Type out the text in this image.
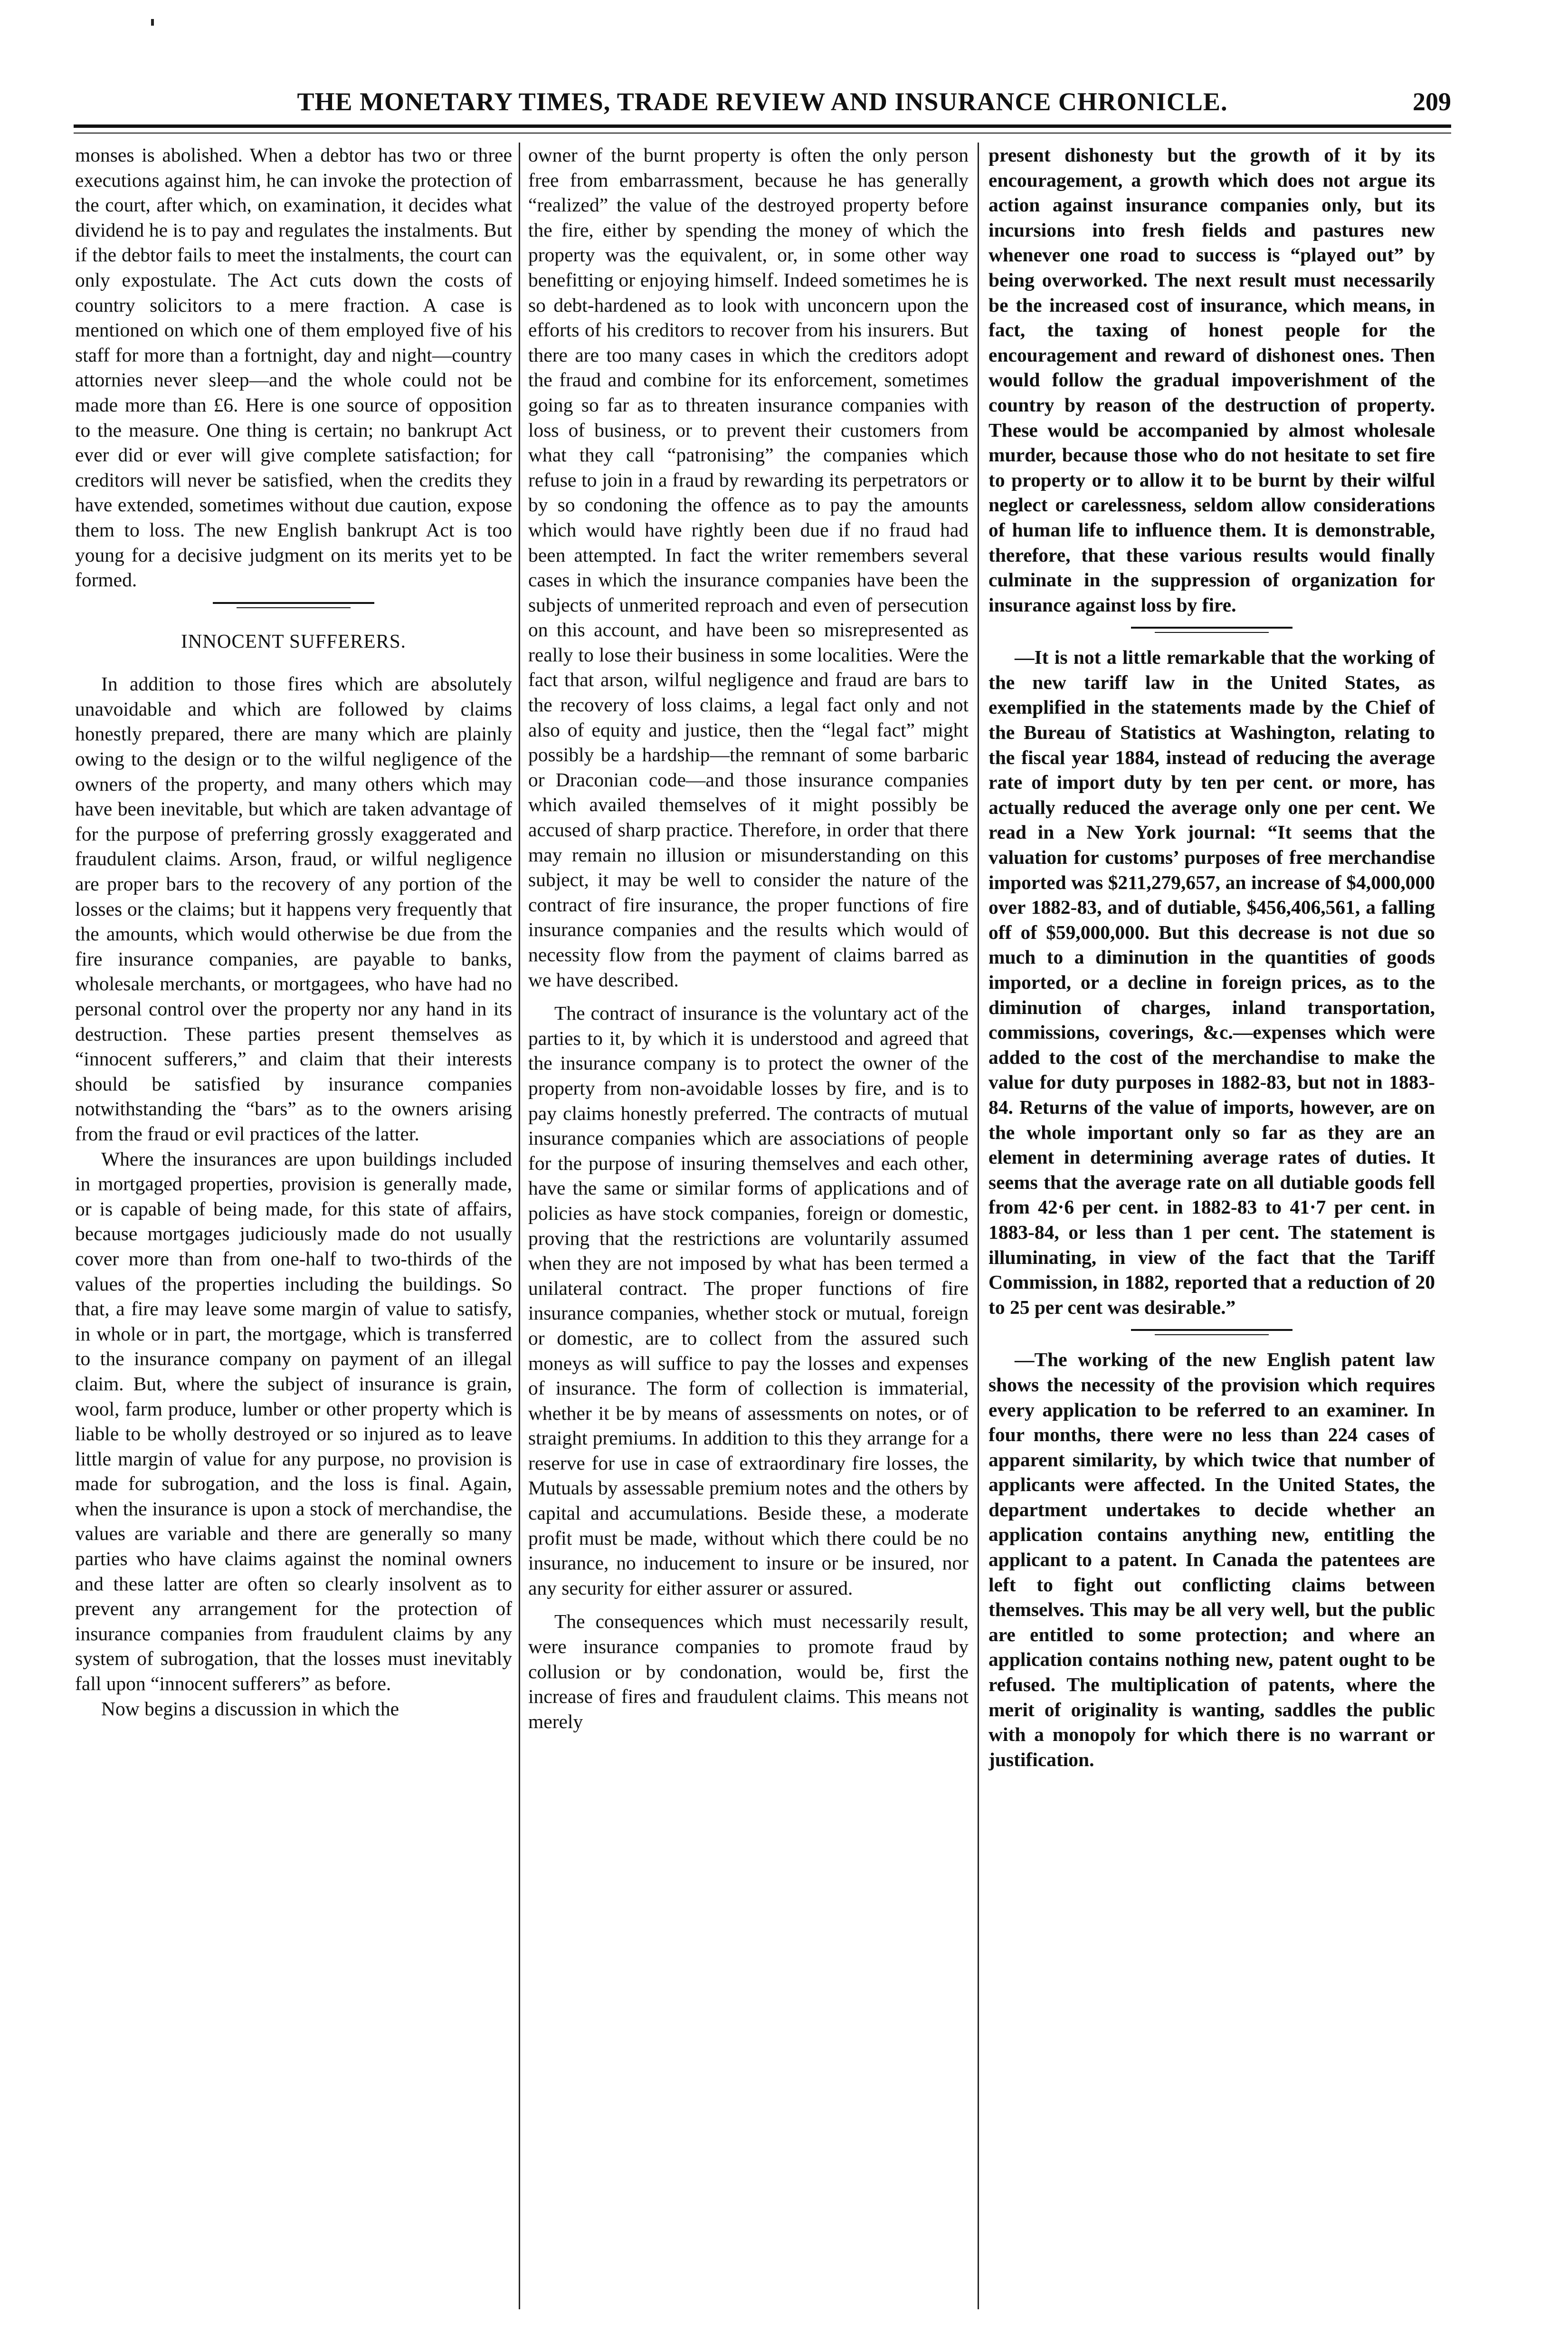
THE MONETARY TIMES, TRADE REVIEW AND INSURANCE CHRONICLE.	209

monses is abolished. When a debtor has two or three executions against him, he can invoke the protection of the court, after which, on examination, it decides what dividend he is to pay and regulates the instalments. But if the debtor fails to meet the instalments, the court can only expostulate. The Act cuts down the costs of country solicitors to a mere fraction. A case is mentioned on which one of them employed five of his staff for more than a fortnight, day and night—country attornies never sleep—and the whole could not be made more than £6. Here is one source of opposition to the measure. One thing is certain; no bankrupt Act ever did or ever will give complete satisfaction; for creditors will never be satisfied, when the credits they have extended, sometimes without due caution, expose them to loss. The new English bankrupt Act is too young for a decisive judgment on its merits yet to be formed.

INNOCENT SUFFERERS.

In addition to those fires which are absolutely unavoidable and which are followed by claims honestly prepared, there are many which are plainly owing to the design or to the wilful negligence of the owners of the property, and many others which may have been inevitable, but which are taken advantage of for the purpose of preferring grossly exaggerated and fraudulent claims. Arson, fraud, or wilful negligence are proper bars to the recovery of any portion of the losses or the claims; but it happens very frequently that the amounts, which would otherwise be due from the fire insurance companies, are payable to banks, wholesale merchants, or mortgagees, who have had no personal control over the property nor any hand in its destruction. These parties present themselves as “innocent sufferers,” and claim that their interests should be satisfied by insurance companies notwithstanding the “bars” as to the owners arising from the fraud or evil practices of the latter.

Where the insurances are upon buildings included in mortgaged properties, provision is generally made, or is capable of being made, for this state of affairs, because mortgages judiciously made do not usually cover more than from one-half to two-thirds of the values of the properties including the buildings. So that, a fire may leave some margin of value to satisfy, in whole or in part, the mortgage, which is transferred to the insurance company on payment of an illegal claim. But, where the subject of insurance is grain, wool, farm produce, lumber or other property which is liable to be wholly destroyed or so injured as to leave little margin of value for any purpose, no provision is made for subrogation, and the loss is final. Again, when the insurance is upon a stock of merchandise, the values are variable and there are generally so many parties who have claims against the nominal owners and these latter are often so clearly insolvent as to prevent any arrangement for the protection of insurance companies from fraudulent claims by any system of subrogation, that the losses must inevitably fall upon “innocent sufferers” as before.

Now begins a discussion in which the

owner of the burnt property is often the only person free from embarrassment, because he has generally “realized” the value of the destroyed property before the fire, either by spending the money of which the property was the equivalent, or, in some other way benefitting or enjoying himself. Indeed sometimes he is so debt-hardened as to look with unconcern upon the efforts of his creditors to recover from his insurers. But there are too many cases in which the creditors adopt the fraud and combine for its enforcement, sometimes going so far as to threaten insurance companies with loss of business, or to prevent their customers from what they call “patronising” the companies which refuse to join in a fraud by rewarding its perpetrators or by so condoning the offence as to pay the amounts which would have rightly been due if no fraud had been attempted. In fact the writer remembers several cases in which the insurance companies have been the subjects of unmerited reproach and even of persecution on this account, and have been so misrepresented as really to lose their business in some localities. Were the fact that arson, wilful negligence and fraud are bars to the recovery of loss claims, a legal fact only and not also of equity and justice, then the “legal fact” might possibly be a hardship—the remnant of some barbaric or Draconian code—and those insurance companies which availed themselves of it might possibly be accused of sharp practice. Therefore, in order that there may remain no illusion or misunderstanding on this subject, it may be well to consider the nature of the contract of fire insurance, the proper functions of fire insurance companies and the results which would of necessity flow from the payment of claims barred as we have described.

The contract of insurance is the voluntary act of the parties to it, by which it is understood and agreed that the insurance company is to protect the owner of the property from non-avoidable losses by fire, and is to pay claims honestly preferred. The contracts of mutual insurance companies which are associations of people for the purpose of insuring themselves and each other, have the same or similar forms of applications and of policies as have stock companies, foreign or domestic, proving that the restrictions are voluntarily assumed when they are not imposed by what has been termed a unilateral contract. The proper functions of fire insurance companies, whether stock or mutual, foreign or domestic, are to collect from the assured such moneys as will suffice to pay the losses and expenses of insurance. The form of collection is immaterial, whether it be by means of assessments on notes, or of straight premiums. In addition to this they arrange for a reserve for use in case of extraordinary fire losses, the Mutuals by assessable premium notes and the others by capital and accumulations. Beside these, a moderate profit must be made, without which there could be no insurance, no inducement to insure or be insured, nor any security for either assurer or assured.

The consequences which must necessarily result, were insurance companies to promote fraud by collusion or by condonation, would be, first the increase of fires and fraudulent claims. This means not merely

present dishonesty but the growth of it by its encouragement, a growth which does not argue its action against insurance companies only, but its incursions into fresh fields and pastures new whenever one road to success is “played out” by being overworked. The next result must necessarily be the increased cost of insurance, which means, in fact, the taxing of honest people for the encouragement and reward of dishonest ones. Then would follow the gradual impoverishment of the country by reason of the destruction of property. These would be accompanied by almost wholesale murder, because those who do not hesitate to set fire to property or to allow it to be burnt by their wilful neglect or carelessness, seldom allow considerations of human life to influence them. It is demonstrable, therefore, that these various results would finally culminate in the suppression of organization for insurance against loss by fire.

—It is not a little remarkable that the working of the new tariff law in the United States, as exemplified in the statements made by the Chief of the Bureau of Statistics at Washington, relating to the fiscal year 1884, instead of reducing the average rate of import duty by ten per cent. or more, has actually reduced the average only one per cent. We read in a New York journal: “It seems that the valuation for customs’ purposes of free merchandise imported was $211,279,657, an increase of $4,000,000 over 1882-83, and of dutiable, $456,406,561, a falling off of $59,000,000. But this decrease is not due so much to a diminution in the quantities of goods imported, or a decline in foreign prices, as to the diminution of charges, inland transportation, commissions, coverings, &c.—expenses which were added to the cost of the merchandise to make the value for duty purposes in 1882-83, but not in 1883-84. Returns of the value of imports, however, are on the whole important only so far as they are an element in determining average rates of duties. It seems that the average rate on all dutiable goods fell from 42·6 per cent. in 1882-83 to 41·7 per cent. in 1883-84, or less than 1 per cent. The statement is illuminating, in view of the fact that the Tariff Commission, in 1882, reported that a reduction of 20 to 25 per cent was desirable.”

—The working of the new English patent law shows the necessity of the provision which requires every application to be referred to an examiner. In four months, there were no less than 224 cases of apparent similarity, by which twice that number of applicants were affected. In the United States, the department undertakes to decide whether an application contains anything new, entitling the applicant to a patent. In Canada the patentees are left to fight out conflicting claims between themselves. This may be all very well, but the public are entitled to some protection; and where an application contains nothing new, patent ought to be refused. The multiplication of patents, where the merit of originality is wanting, saddles the public with a monopoly for which there is no warrant or justification.
